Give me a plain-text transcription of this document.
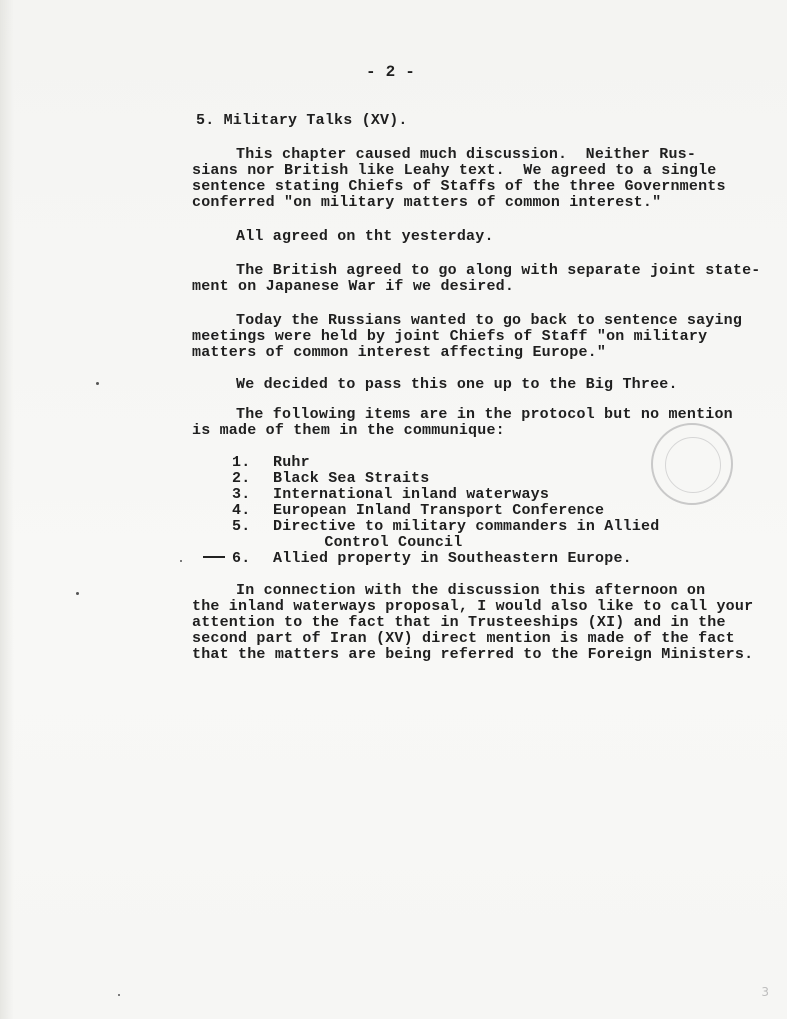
- 2 -
5. Military Talks (XV).
This chapter caused much discussion.  Neither Rus-
sians nor British like Leahy text.  We agreed to a single
sentence stating Chiefs of Staffs of the three Governments
conferred "on military matters of common interest."
All agreed on tht yesterday.
The British agreed to go along with separate joint state-
ment on Japanese War if we desired.
Today the Russians wanted to go back to sentence saying
meetings were held by joint Chiefs of Staff "on military
matters of common interest affecting Europe."
We decided to pass this one up to the Big Three.
The following items are in the protocol but no mention
is made of them in the communique:
1. Ruhr
2. Black Sea Straits
3. International inland waterways
4. European Inland Transport Conference
5. Directive to military commanders in Allied
Control Council
6. Allied property in Southeastern Europe.
In connection with the discussion this afternoon on
the inland waterways proposal, I would also like to call your
attention to the fact that in Trusteeships (XI) and in the
second part of Iran (XV) direct mention is made of the fact
that the matters are being referred to the Foreign Ministers.
3
